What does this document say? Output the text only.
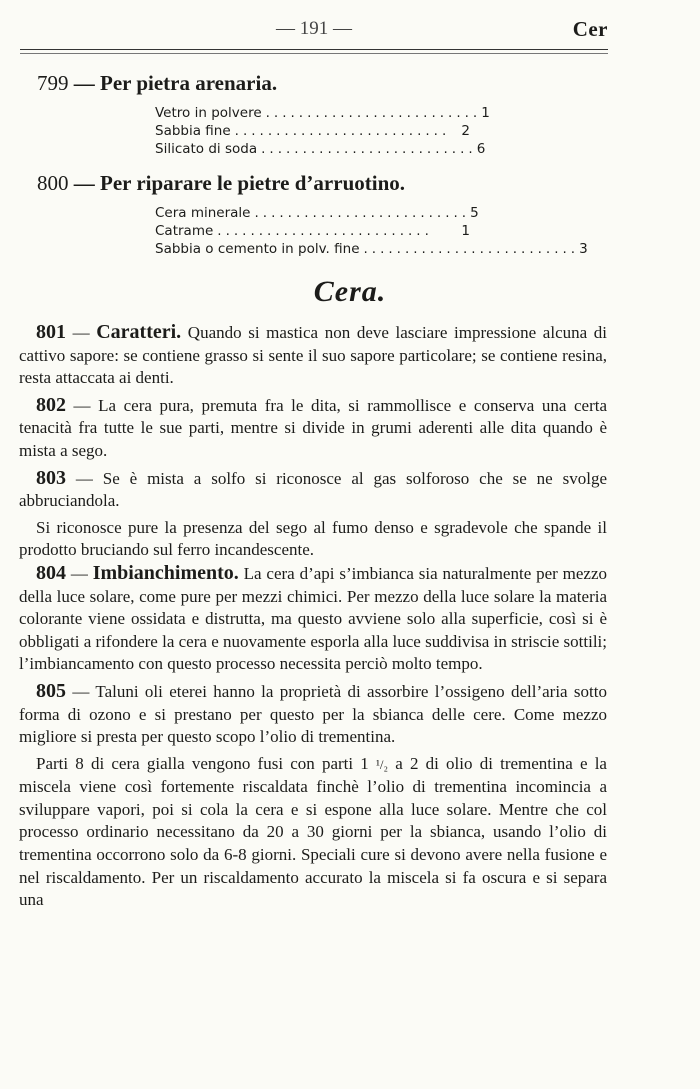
— 191 —	Cer
799 — Per pietra arenaria.
Vetro in polvere .......................... 1
Sabbia fine .......................... 2
Silicato di soda .......................... 6
800 — Per riparare le pietre d’arruotino.
Cera minerale .......................... 5
Catrame ..........................	1
Sabbia o cemento in polv. fine .......................... 3
Cera.

801 — Caratteri. Quando si mastica non deve lasciare impressione alcuna di cattivo sapore: se contiene grasso si sente il suo sapore particolare; se contiene resina, resta attaccata ai denti.

802 — La cera pura, premuta fra le dita, si rammollisce e conserva una certa tenacità fra tutte le sue parti, mentre si divide in grumi aderenti alle dita quando è mista a sego.

803 — Se è mista a solfo si riconosce al gas solforoso che se ne svolge abbruciandola.

Si riconosce pure la presenza del sego al fumo denso e sgradevole che spande il prodotto bruciando sul ferro incandescente.

804 — Imbianchimento. La cera d’api s’imbianca sia naturalmente per mezzo della luce solare, come pure per mezzi chimici. Per mezzo della luce solare la materia colorante viene ossidata e distrutta, ma questo avviene solo alla superficie, così si è obbligati a rifondere la cera e nuovamente esporla alla luce suddivisa in striscie sottili; l’imbiancamento con questo processo necessita perciò molto tempo.

805 — Taluni oli eterei hanno la proprietà di assorbire l’ossigeno dell’aria sotto forma di ozono e si prestano per questo per la sbianca delle cere. Come mezzo migliore si presta per questo scopo l’olio di trementina.

Parti 8 di cera gialla vengono fusi con parti 1 ¹/₂ a 2 di olio di trementina e la miscela viene così fortemente riscaldata finchè l’olio di trementina incomincia a sviluppare vapori, poi si cola la cera e si espone alla luce solare. Mentre che col processo ordinario necessitano da 20 a 30 giorni per la sbianca, usando l’olio di trementina occorrono solo da 6-8 giorni. Speciali cure si devono avere nella fusione e nel riscaldamento. Per un riscaldamento accurato la miscela si fa oscura e si separa una
